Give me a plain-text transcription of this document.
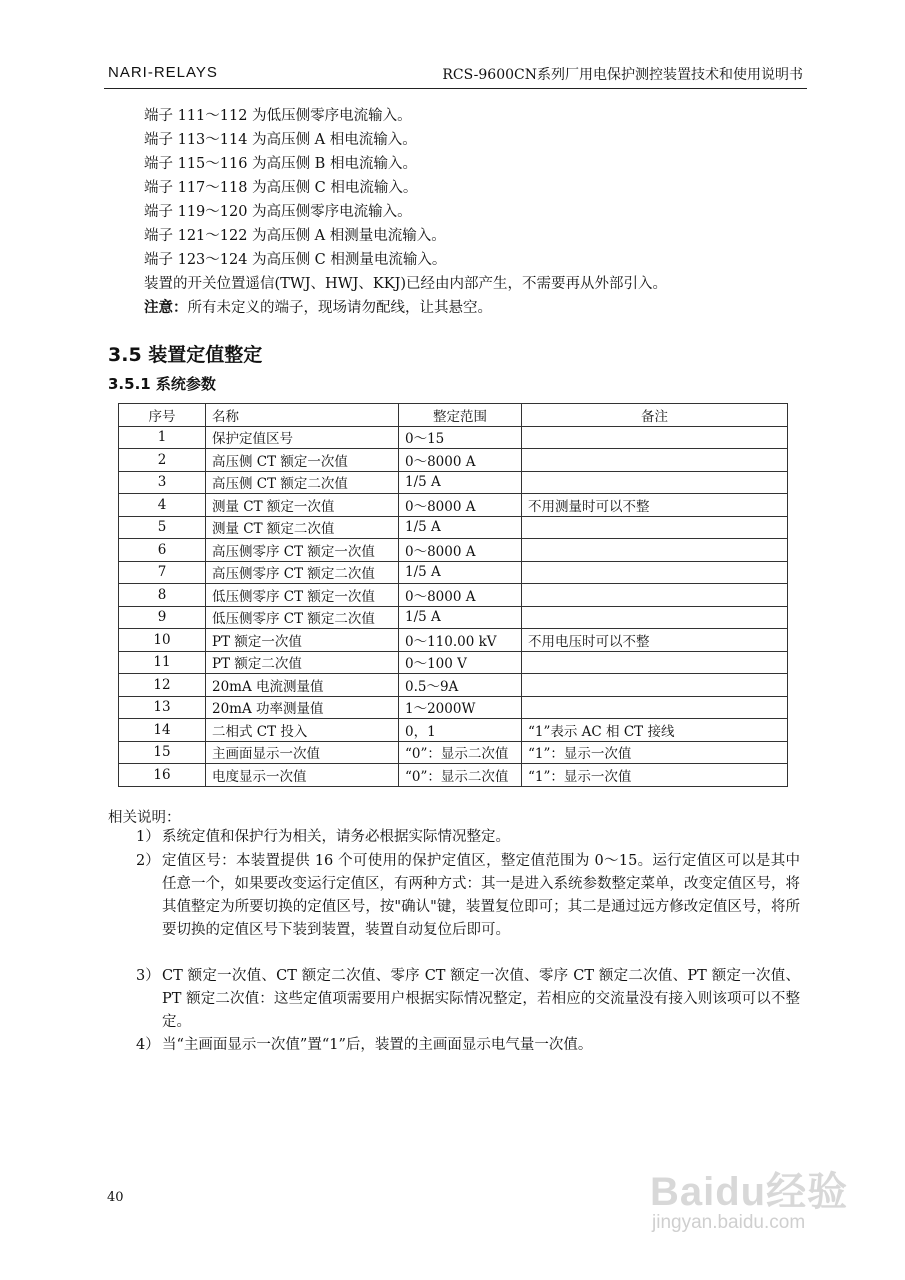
NARI-RELAYS	RCS-9600CN系列厂用电保护测控装置技术和使用说明书
端子 111～112 为低压侧零序电流输入。
端子 113～114 为高压侧 A 相电流输入。
端子 115～116 为高压侧 B 相电流输入。
端子 117～118 为高压侧 C 相电流输入。
端子 119～120 为高压侧零序电流输入。
端子 121～122 为高压侧 A 相测量电流输入。
端子 123～124 为高压侧 C 相测量电流输入。
装置的开关位置遥信(TWJ、HWJ、KKJ)已经由内部产生，不需要再从外部引入。
注意：所有未定义的端子，现场请勿配线，让其悬空。
3.5 装置定值整定
3.5.1 系统参数
序号	名称	整定范围	备注
1	保护定值区号	0～15	
2	高压侧 CT 额定一次值	0～8000 A	
3	高压侧 CT 额定二次值	1/5 A	
4	测量 CT 额定一次值	0～8000 A	不用测量时可以不整
5	测量 CT 额定二次值	1/5 A	
6	高压侧零序 CT 额定一次值	0～8000 A	
7	高压侧零序 CT 额定二次值	1/5 A	
8	低压侧零序 CT 额定一次值	0～8000 A	
9	低压侧零序 CT 额定二次值	1/5 A	
10	PT 额定一次值	0～110.00 kV	不用电压时可以不整
11	PT 额定二次值	0～100 V	
12	20mA 电流测量值	0.5～9A	
13	20mA 功率测量值	1～2000W	
14	二相式 CT 投入	0，1	“1”表示 AC 相 CT 接线
15	主画面显示一次值	“0”：显示二次值	“1”：显示一次值
16	电度显示一次值	“0”：显示二次值	“1”：显示一次值
相关说明：
1） 系统定值和保护行为相关，请务必根据实际情况整定。
2） 定值区号：本装置提供 16 个可使用的保护定值区，整定值范围为 0～15。运行定值区可以是其中任意一个，如果要改变运行定值区，有两种方式：其一是进入系统参数整定菜单，改变定值区号，将其值整定为所要切换的定值区号，按"确认"键，装置复位即可；其二是通过远方修改定值区号，将所要切换的定值区号下装到装置，装置自动复位后即可。
3） CT 额定一次值、CT 额定二次值、零序 CT 额定一次值、零序 CT 额定二次值、PT 额定一次值、PT 额定二次值：这些定值项需要用户根据实际情况整定，若相应的交流量没有接入则该项可以不整定。
4） 当“主画面显示一次值”置“1”后，装置的主画面显示电气量一次值。
40	Baidu经验
jingyan.baidu.com
